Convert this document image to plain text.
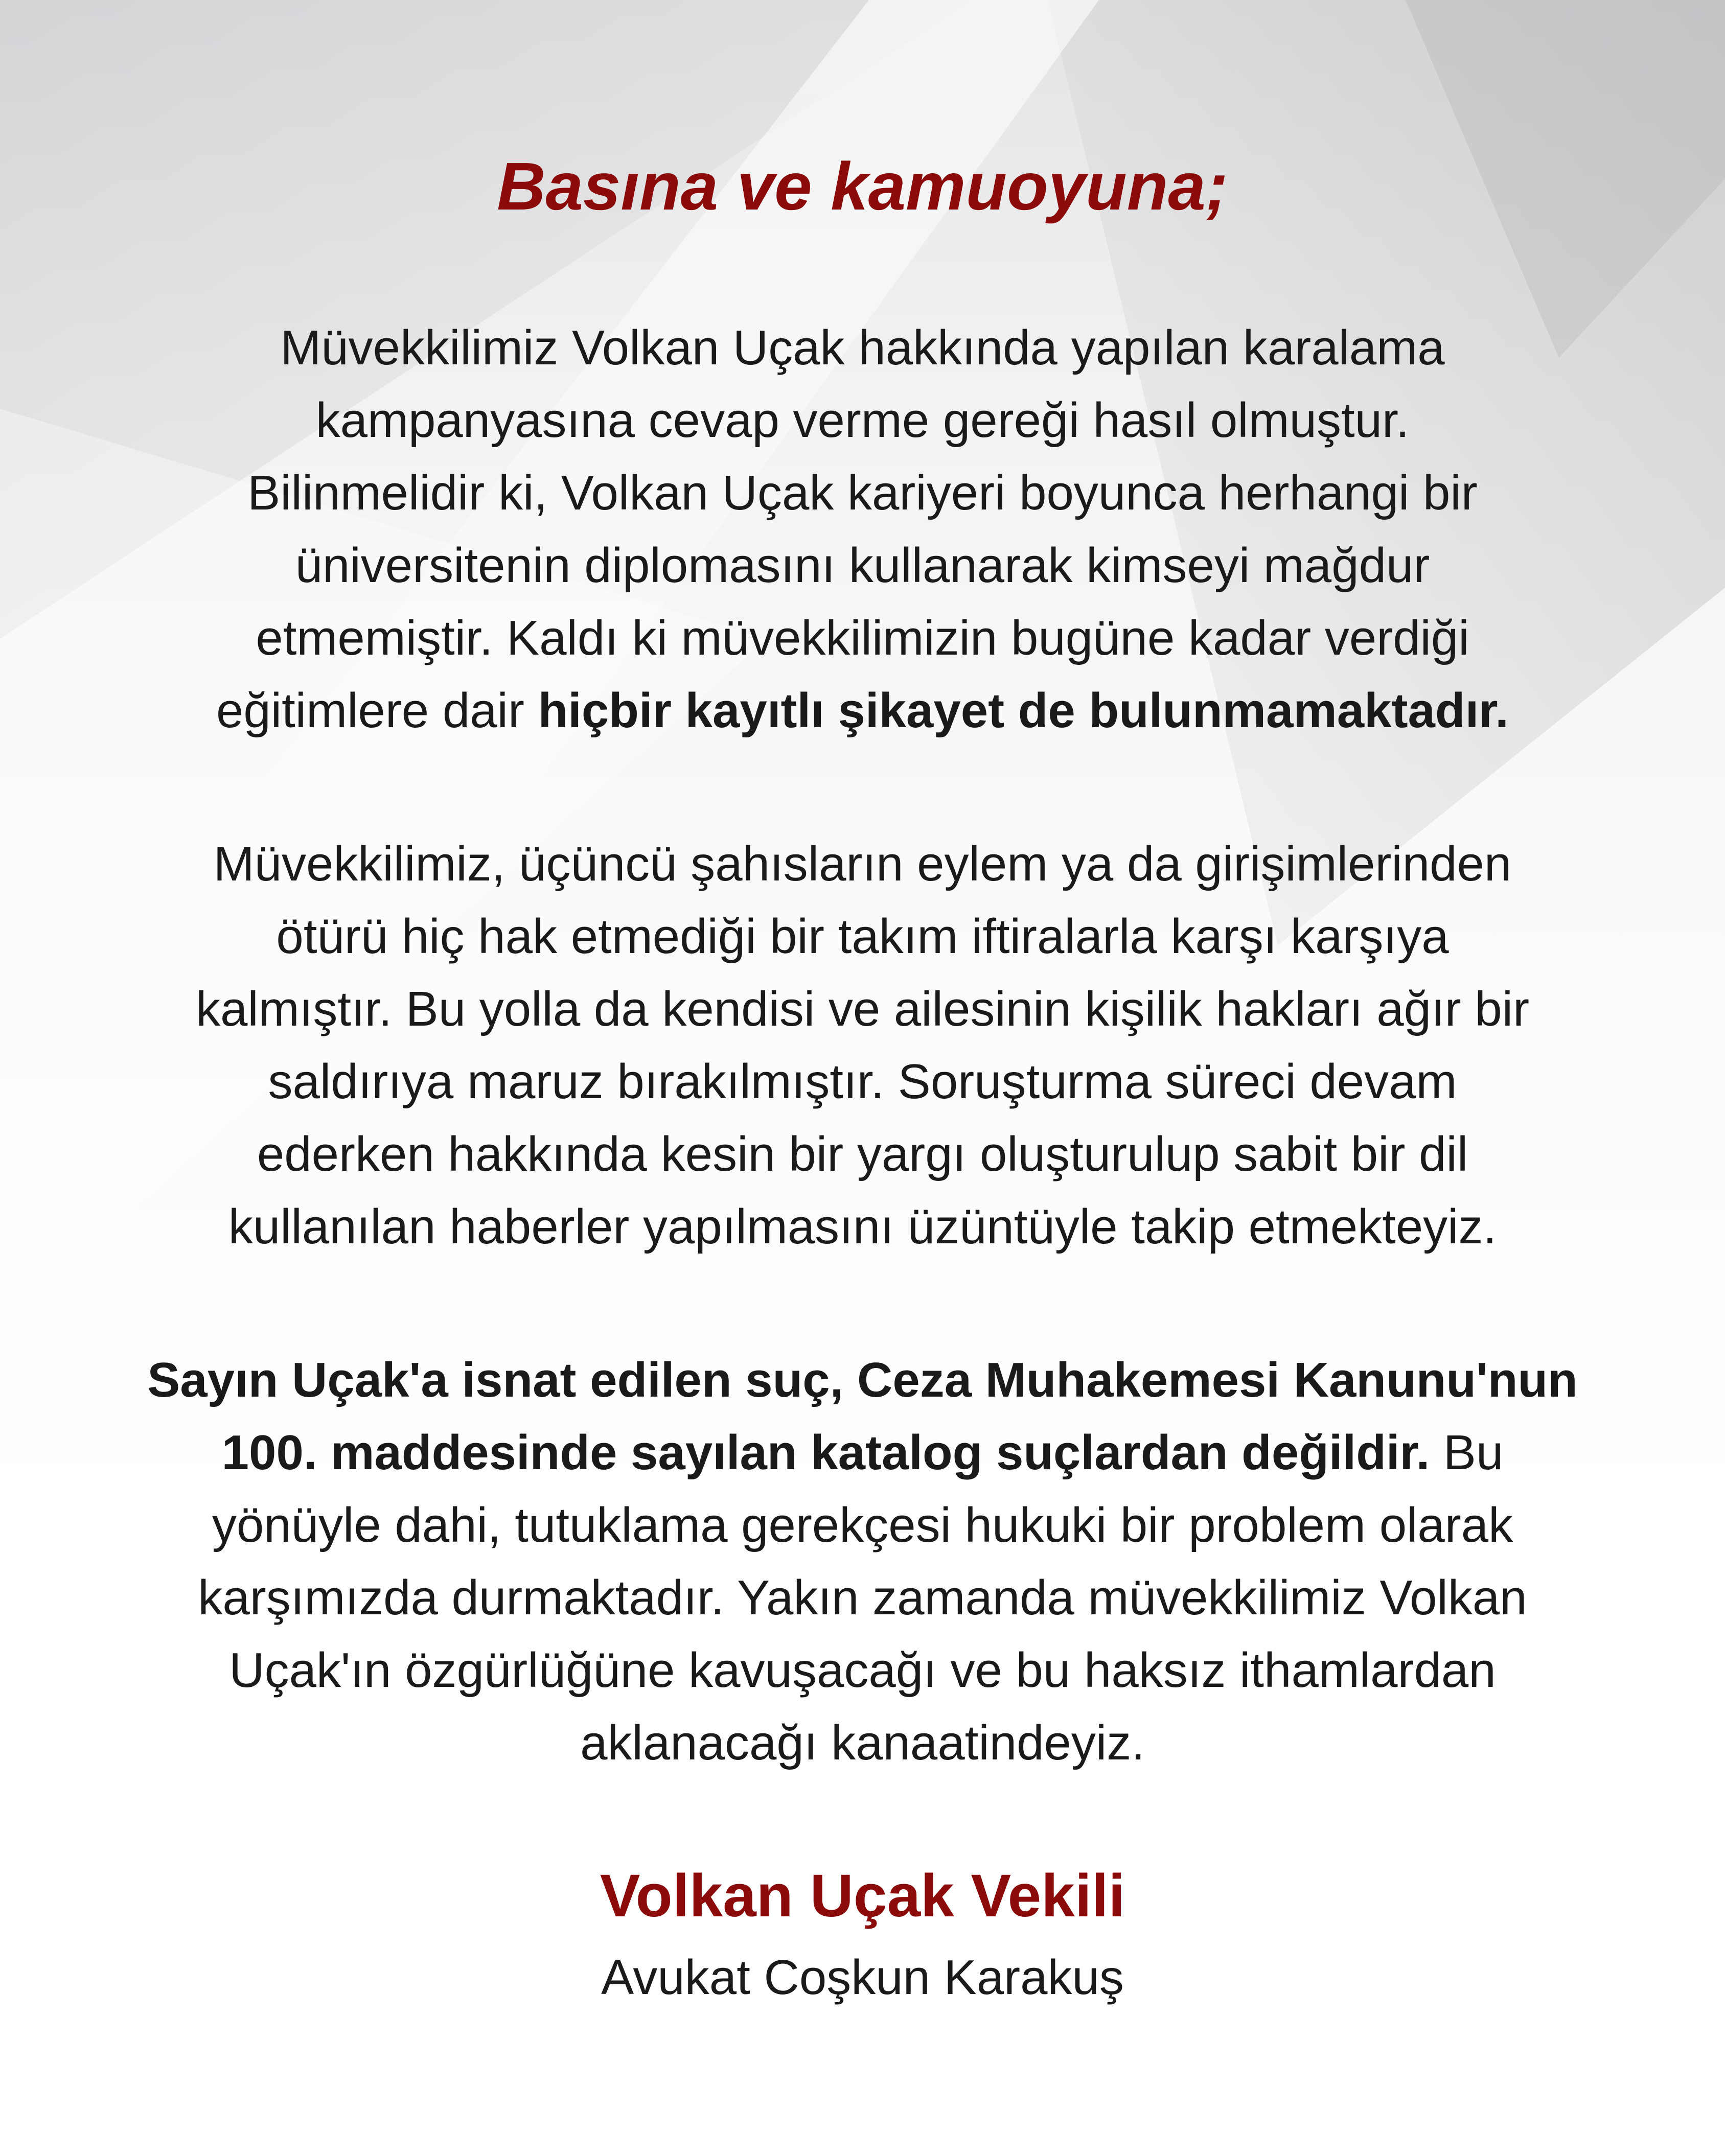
Basına ve kamuoyuna;

Müvekkilimiz Volkan Uçak hakkında yapılan karalama
kampanyasına cevap verme gereği hasıl olmuştur.
Bilinmelidir ki, Volkan Uçak kariyeri boyunca herhangi bir
üniversitenin diplomasını kullanarak kimseyi mağdur
etmemiştir. Kaldı ki müvekkilimizin bugüne kadar verdiği
eğitimlere dair hiçbir kayıtlı şikayet de bulunmamaktadır.

Müvekkilimiz, üçüncü şahısların eylem ya da girişimlerinden
ötürü hiç hak etmediği bir takım iftiralarla karşı karşıya
kalmıştır. Bu yolla da kendisi ve ailesinin kişilik hakları ağır bir
saldırıya maruz bırakılmıştır. Soruşturma süreci devam
ederken hakkında kesin bir yargı oluşturulup sabit bir dil
kullanılan haberler yapılmasını üzüntüyle takip etmekteyiz.

Sayın Uçak'a isnat edilen suç, Ceza Muhakemesi Kanunu'nun
100. maddesinde sayılan katalog suçlardan değildir. Bu
yönüyle dahi, tutuklama gerekçesi hukuki bir problem olarak
karşımızda durmaktadır. Yakın zamanda müvekkilimiz Volkan
Uçak'ın özgürlüğüne kavuşacağı ve bu haksız ithamlardan
aklanacağı kanaatindeyiz.

Volkan Uçak Vekili
Avukat Coşkun Karakuş
